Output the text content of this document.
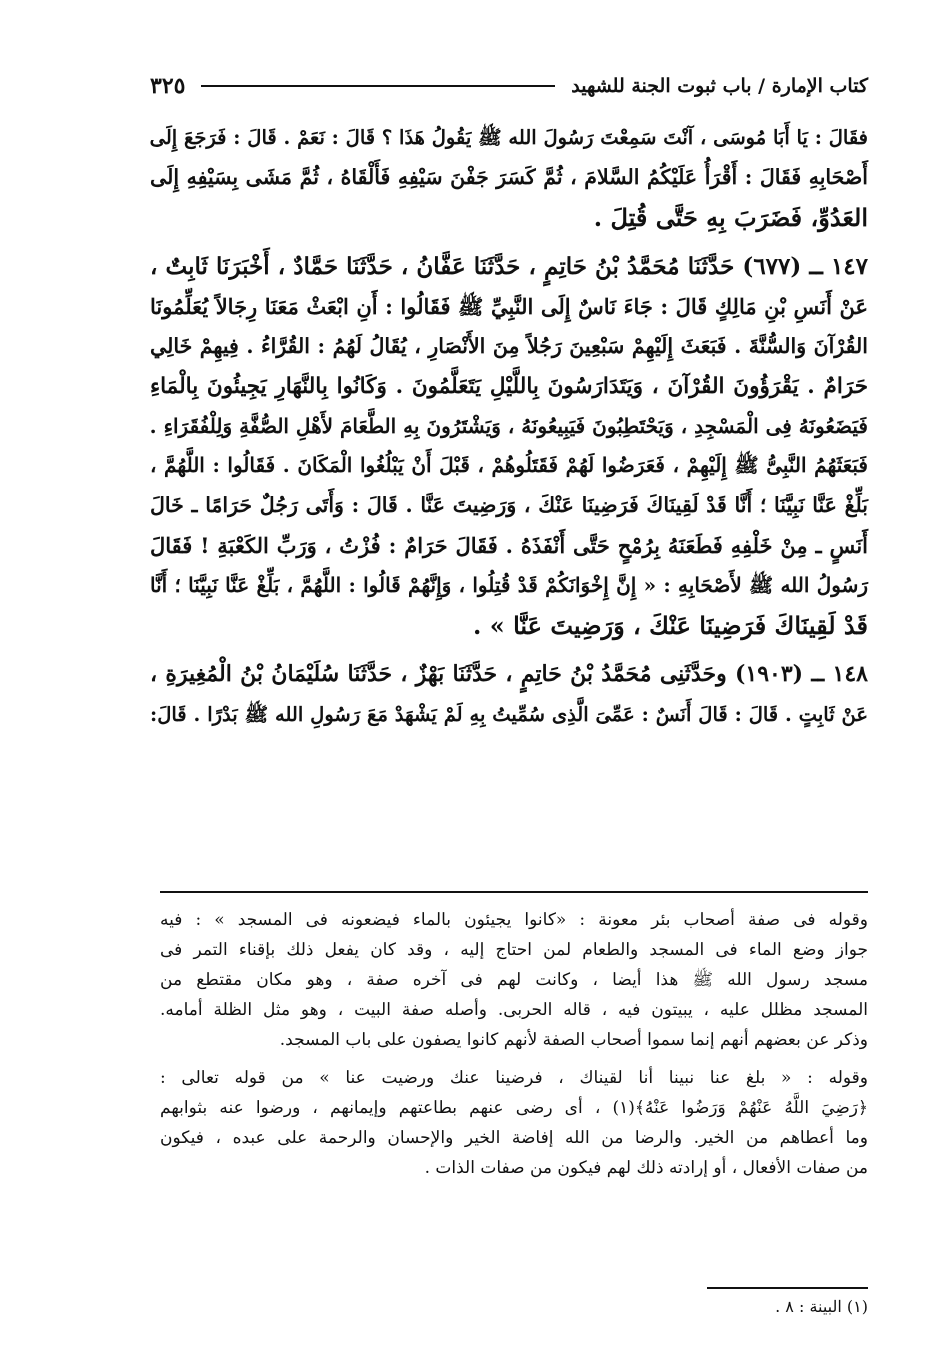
كتاب الإمارة / باب ثبوت الجنة للشهيد
٣٢٥

فقَالَ : يَا أَبَا مُوسَى ، آنْتَ سَمِعْتَ رَسُولَ الله ﷺ يَقُولُ هَذَا ؟ قَالَ : نَعَمْ . قَالَ : فَرَجَعَ إِلَى
أَصْحَابِهِ فَقَالَ : أَقْرَأُ عَلَيْكُمُ السَّلامَ ، ثُمَّ كَسَرَ جَفْنَ سَيْفِهِ فَأَلْقَاهُ ، ثُمَّ مَشَى بِسَيْفِهِ إِلَى
العَدُوِّ، فَضَرَبَ بِهِ حَتَّى قُتِلَ .

١٤٧ ــ (٦٧٧) حَدَّثَنَا مُحَمَّدُ بْنُ حَاتِمٍ ، حَدَّثَنَا عَفَّانُ ، حَدَّثَنَا حَمَّادٌ ، أَخْبَرَنَا ثَابِتٌ ،
عَنْ أَنَسِ بْنِ مَالِكٍ قَالَ : جَاءَ نَاسٌ إِلَى النَّبِيِّ ﷺ فَقَالُوا : أَنِ ابْعَثْ مَعَنَا رِجَالاً يُعَلِّمُونَا
القُرْآنَ وَالسُّنَّةَ . فَبَعَثَ إِلَيْهِمْ سَبْعِينَ رَجُلاً مِنَ الأَنْصَارِ ، يُقَالُ لَهُمُ : القُرَّاءُ . فِيهِمْ خَالِي
حَرَامٌ . يَقْرَؤُونَ القُرْآنَ ، وَيَتَدَارَسُونَ بِاللَّيْلِ يَتَعَلَّمُونَ . وَكَانُوا بِالنَّهَارِ يَجِيئُونَ بِالْمَاءِ
فَيَضَعُونَهُ فِى الْمَسْجِدِ ، وَيَحْتَطِبُونَ فَيَبِيعُونَهُ ، وَيَشْتَرُونَ بِهِ الطَّعَامَ لأَهْلِ الصُّفَّةِ وَلِلْفُقَرَاءِ .
فَبَعَثَهُمُ النَّبِىُّ ﷺ إِلَيْهِمْ ، فَعَرَضُوا لَهُمْ فَقَتَلُوهُمْ ، قَبْلَ أَنْ يَبْلُغُوا الْمَكَانَ . فَقَالُوا : اللَّهُمَّ ،
بَلِّغْ عَنَّا نَبِيَّنَا ؛ أَنَّا قَدْ لَقِينَاكَ فَرَضِينَا عَنْكَ ، وَرَضِيتَ عَنَّا . قَالَ : وَأَتَى رَجُلٌ حَرَامًا ـ خَالَ
أَنَسٍ ـ مِنْ خَلْفِهِ فَطَعَنَهُ بِرُمْحٍ حَتَّى أَنْفَذَهُ . فَقَالَ حَرَامٌ : فُزْتُ ، وَرَبِّ الكَعْبَةِ ! فَقَالَ
رَسُولُ الله ﷺ لأَصْحَابِهِ : « إِنَّ إِخْوَانَكُمْ قَدْ قُتِلُوا ، وَإِنَّهُمْ قَالُوا : اللَّهُمَّ ، بَلِّغْ عَنَّا نَبِيَّنَا ؛ أَنَّا
قَدْ لَقِينَاكَ فَرَضِينَا عَنْكَ ، وَرَضِيتَ عَنَّا » .

١٤٨ ــ (١٩٠٣) وحَدَّثَنِى مُحَمَّدُ بْنُ حَاتِمٍ ، حَدَّثَنَا بَهْزٌ ، حَدَّثَنَا سُلَيْمَانُ بْنُ الْمُغِيرَةِ ،
عَنْ ثَابِتٍ . قَالَ : قَالَ أَنَسٌ : عَمِّىَ الَّذِى سُمِّيتُ بِهِ لَمْ يَشْهَدْ مَعَ رَسُولِ الله ﷺ بَدْرًا . قَالَ:

وقوله فى صفة أصحاب بئر معونة : «كانوا يجيئون بالماء فيضعونه فى المسجد » : فيه
جواز وضع الماء فى المسجد والطعام لمن احتاج إليه ، وقد كان يفعل ذلك بإقناء التمر فى
مسجد رسول الله ﷺ هذا أيضا ، وكانت لهم فى آخره صفة ، وهو مكان مقتطع من
المسجد مظلل عليه ، يبيتون فيه ، قاله الحربى. وأصله صفة البيت ، وهو مثل الظلة أمامه.
وذكر عن بعضهم أنهم إنما سموا أصحاب الصفة لأنهم كانوا يصفون على باب المسجد.

وقوله : « بلغ عنا نبينا أنا لقيناك ، فرضينا عنك ورضيت عنا » من قوله تعالى :
﴿رَضِيَ اللَّهُ عَنْهُمْ وَرَضُوا عَنْهُ﴾(١) ، أى رضى عنهم بطاعتهم وإيمانهم ، ورضوا عنه بثوابهم
وما أعطاهم من الخير. والرضا من الله إفاضة الخير والإحسان والرحمة على عبده ، فيكون
من صفات الأفعال ، أو إرادته ذلك لهم فيكون من صفات الذات .

(١) البينة : ٨ .
